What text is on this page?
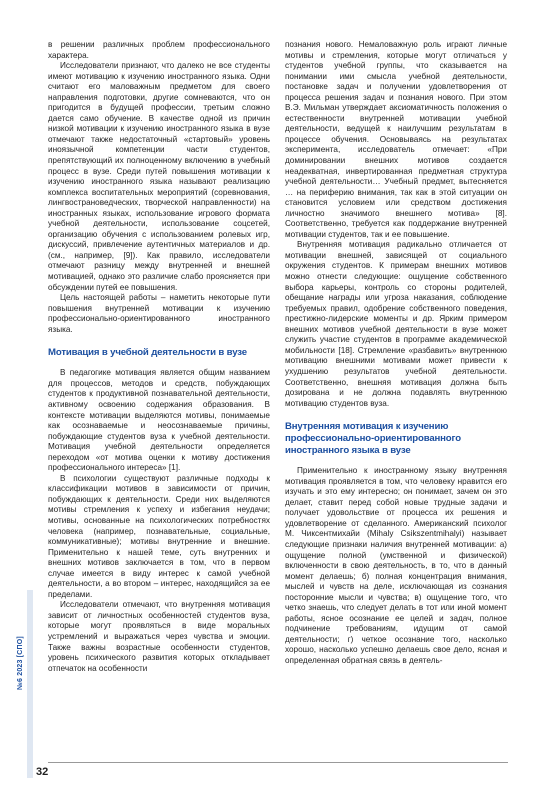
в решении различных проблем профессионального характера.

Исследователи признают, что далеко не все студенты имеют мотивацию к изучению иностранного языка. Одни считают его маловажным предметом для своего направления подготовки, другие сомневаются, что он пригодится в будущей профессии, третьим сложно дается само обучение. В качестве одной из причин низкой мотивации к изучению иностранного языка в вузе отмечают также недостаточный «стартовый» уровень иноязычной компетенции части студентов, препятствующий их полноценному включению в учебный процесс в вузе. Среди путей повышения мотивации к изучению иностранного языка называют реализацию комплекса воспитательных мероприятий (соревнования, лингвострановедческих, творческой направленности) на иностранных языках, использование игрового формата учебной деятельности, использование соцсетей, организацию обучения с использованием ролевых игр, дискуссий, привлечение аутентичных материалов и др. (см., например, [9]). Как правило, исследователи отмечают разницу между внутренней и внешней мотивацией, однако это различие слабо проясняется при обсуждении путей ее повышения.

Цель настоящей работы – наметить некоторые пути повышения внутренней мотивации к изучению профессионально-ориентированного иностранного языка.

Мотивация в учебной деятельности в вузе

В педагогике мотивация является общим названием для процессов, методов и средств, побуждающих студентов к продуктивной познавательной деятельности, активному освоению содержания образования. В контексте мотивации выделяются мотивы, понимаемые как осознаваемые и неосознаваемые причины, побуждающие студентов вуза к учебной деятельности. Мотивация учебной деятельности определяется переходом «от мотива оценки к мотиву достижения профессионального интереса» [1].

В психологии существуют различные подходы к классификации мотивов в зависимости от причин, побуждающих к деятельности. Среди них выделяются мотивы стремления к успеху и избегания неудачи; мотивы, основанные на психологических потребностях человека (например, познавательные, социальные, коммуникативные); мотивы внутренние и внешние. Применительно к нашей теме, суть внутренних и внешних мотивов заключается в том, что в первом случае имеется в виду интерес к самой учебной деятельности, а во втором – интерес, находящийся за ее пределами.

Исследователи отмечают, что внутренняя мотивация зависит от личностных особенностей студентов вуза, которые могут проявляться в виде моральных устремлений и выражаться через чувства и эмоции. Также важны возрастные особенности студентов, уровень психического развития которых откладывает отпечаток на особенности

познания нового. Немаловажную роль играют личные мотивы и стремления, которые могут отличаться у студентов учебной группы, что сказывается на понимании ими смысла учебной деятельности, постановке задач и получении удовлетворения от процесса решения задач и познания нового. При этом В.Э. Мильман утверждает аксиоматичность положения о естественности внутренней мотивации учебной деятельности, ведущей к наилучшим результатам в процессе обучения. Основываясь на результатах эксперимента, исследователь отмечает: «При доминировании внешних мотивов создается неадекватная, инвертированная предметная структура учебной деятельности… Учебный предмет, вытесняется … на периферию внимания, так как в этой ситуации он становится условием или средством достижения личностно значимого внешнего мотива» [8]. Соответственно, требуется как поддержание внутренней мотивации студентов, так и ее повышение.

Внутренняя мотивация радикально отличается от мотивации внешней, зависящей от социального окружения студентов. К примерам внешних мотивов можно отнести следующие: ощущение собственного выбора карьеры, контроль со стороны родителей, обещание награды или угроза наказания, соблюдение требуемых правил, одобрение собственного поведения, престижно-лидерские моменты и др. Ярким примером внешних мотивов учебной деятельности в вузе может служить участие студентов в программе академической мобильности [18]. Стремление «разбавить» внутреннюю мотивацию внешними мотивами может привести к ухудшению результатов учебной деятельности. Соответственно, внешняя мотивация должна быть дозирована и не должна подавлять внутреннюю мотивацию студентов вуза.

Внутренняя мотивация к изучению профессионально-ориентированного иностранного языка в вузе

Применительно к иностранному языку внутренняя мотивация проявляется в том, что человеку нравится его изучать и это ему интересно; он понимает, зачем он это делает, ставит перед собой новые трудные задачи и получает удовольствие от процесса их решения и удовлетворение от сделанного. Американский психолог М. Чиксентмихайи (Mihaly Csikszentmihalyi) называет следующие признаки наличия внутренней мотивации: а) ощущение полной (умственной и физической) включенности в свою деятельность, в то, что в данный момент делаешь; б) полная концентрация внимания, мыслей и чувств на деле, исключающая из сознания посторонние мысли и чувства; в) ощущение того, что четко знаешь, что следует делать в тот или иной момент работы, ясное осознание ее целей и задач, полное подчинение требованиям, идущим от самой деятельности; г) четкое осознание того, насколько хорошо, насколько успешно делаешь свое дело, ясная и определенная обратная связь в деятель-

№6 2023 [СПО]
32
